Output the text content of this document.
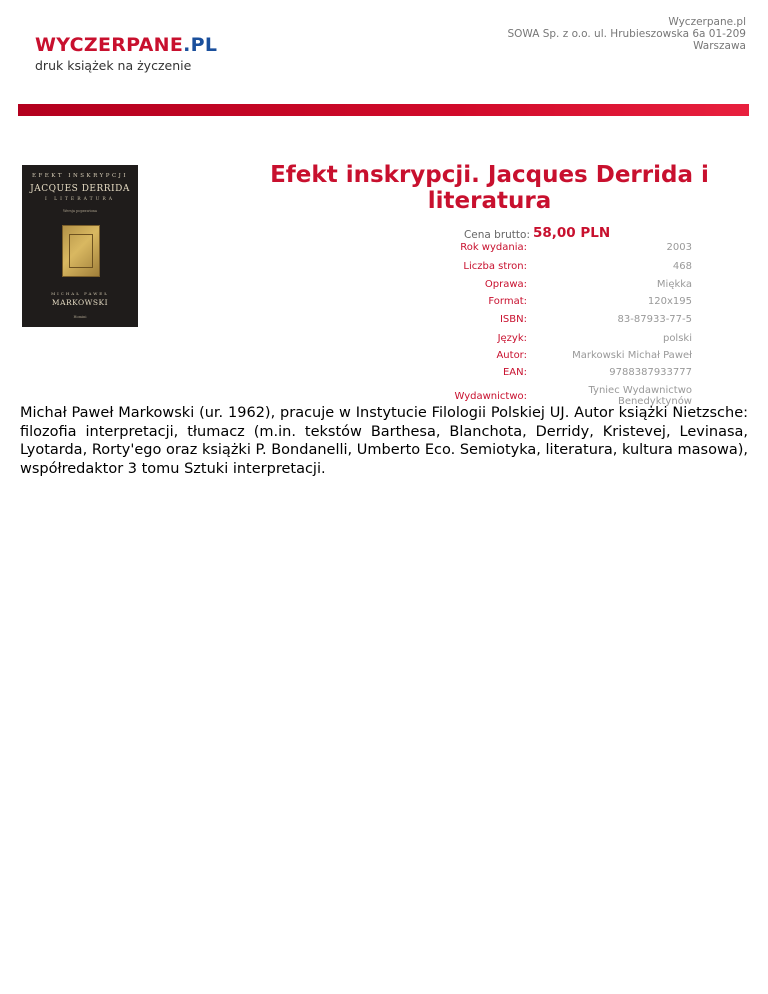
WYCZERPANE.PL
druk książek na życzenie
Wyczerpane.pl
SOWA Sp. z o.o. ul. Hrubieszowska 6a 01-209
Warszawa
EFEKT INSKRYPCJI
JACQUES DERRIDA
I LITERATURA
Wersja poprawiona
MICHAŁ PAWEŁ
MARKOWSKI
Homini
Efekt inskrypcji. Jacques Derrida i literatura
Cena brutto: 58,00 PLN
Rok wydania:	2003
Liczba stron:	468
Oprawa:	Miękka
Format:	120x195
ISBN:	83-87933-77-5
Język:	polski
Autor:	Markowski Michał Paweł
EAN:	9788387933777
Wydawnictwo:
Tyniec Wydawnictwo Benedyktynów
Michał Paweł Markowski (ur. 1962), pracuje w Instytucie Filologii Polskiej UJ. Autor książki Nietzsche: filozofia interpretacji, tłumacz (m.in. tekstów Barthesa, Blanchota, Derridy, Kristevej, Levinasa, Lyotarda, Rorty'ego oraz książki P. Bondanelli, Umberto Eco. Semiotyka, literatura, kultura masowa), współredaktor 3 tomu Sztuki interpretacji.
